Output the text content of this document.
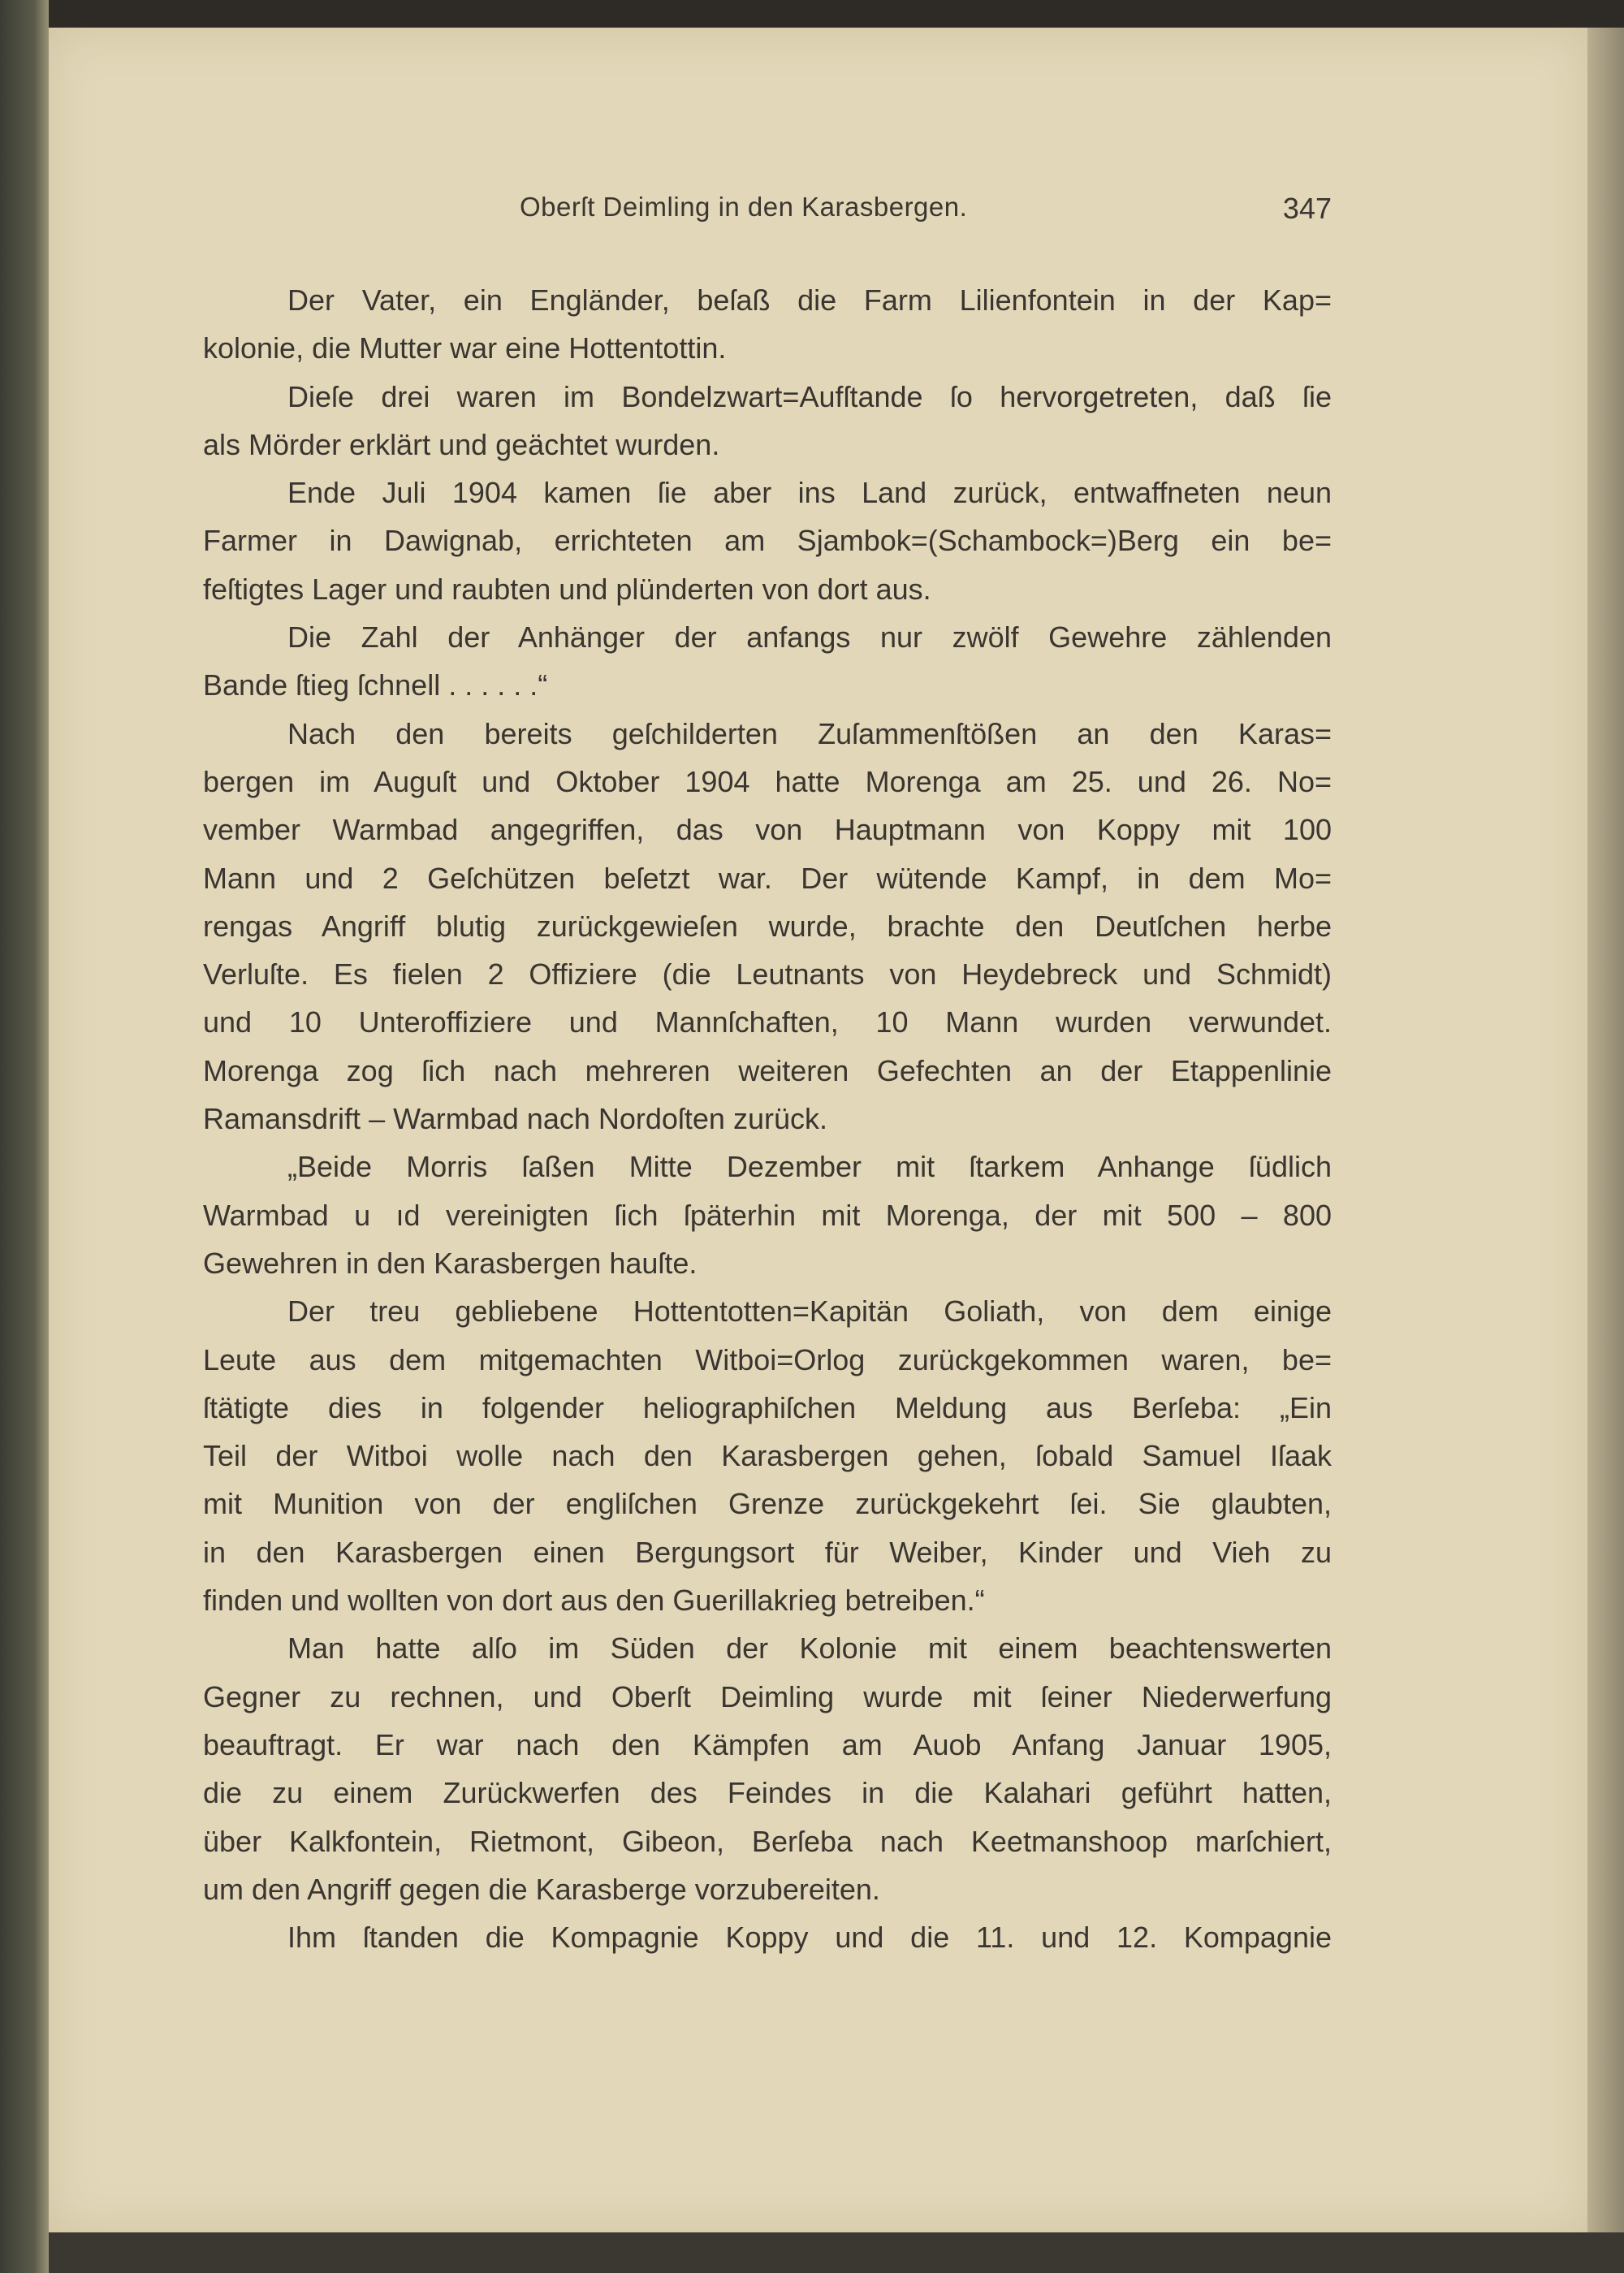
Oberſt Deimling in den Karasbergen.	347
Der Vater, ein Engländer, beſaß die Farm Lilienfontein in der Kap=
kolonie, die Mutter war eine Hottentottin.
Dieſe drei waren im Bondelzwart=Aufſtande ſo hervorgetreten, daß ſie
als Mörder erklärt und geächtet wurden.
Ende Juli 1904 kamen ſie aber ins Land zurück, entwaffneten neun
Farmer in Dawignab, errichteten am Sjambok=(Schambock=)Berg ein be=
feſtigtes Lager und raubten und plünderten von dort aus.
Die Zahl der Anhänger der anfangs nur zwölf Gewehre zählenden
Bande ſtieg ſchnell . . . . . .“
Nach den bereits geſchilderten Zuſammenſtößen an den Karas=
bergen im Auguſt und Oktober 1904 hatte Morenga am 25. und 26. No=
vember Warmbad angegriffen, das von Hauptmann von Koppy mit 100
Mann und 2 Geſchützen beſetzt war. Der wütende Kampf, in dem Mo=
rengas Angriff blutig zurückgewieſen wurde, brachte den Deutſchen herbe
Verluſte. Es fielen 2 Offiziere (die Leutnants von Heydebreck und Schmidt)
und 10 Unteroffiziere und Mannſchaften, 10 Mann wurden verwundet.
Morenga zog ſich nach mehreren weiteren Gefechten an der Etappenlinie
Ramansdrift – Warmbad nach Nordoſten zurück.
„Beide Morris ſaßen Mitte Dezember mit ſtarkem Anhange ſüdlich
Warmbad u ıd vereinigten ſich ſpäterhin mit Morenga, der mit 500 – 800
Gewehren in den Karasbergen hauſte.
Der treu gebliebene Hottentotten=Kapitän Goliath, von dem einige
Leute aus dem mitgemachten Witboi=Orlog zurückgekommen waren, be=
ſtätigte dies in folgender heliographiſchen Meldung aus Berſeba: „Ein
Teil der Witboi wolle nach den Karasbergen gehen, ſobald Samuel Iſaak
mit Munition von der engliſchen Grenze zurückgekehrt ſei. Sie glaubten,
in den Karasbergen einen Bergungsort für Weiber, Kinder und Vieh zu
finden und wollten von dort aus den Guerillakrieg betreiben.“
Man hatte alſo im Süden der Kolonie mit einem beachtenswerten
Gegner zu rechnen, und Oberſt Deimling wurde mit ſeiner Niederwerfung
beauftragt. Er war nach den Kämpfen am Auob Anfang Januar 1905,
die zu einem Zurückwerfen des Feindes in die Kalahari geführt hatten,
über Kalkfontein, Rietmont, Gibeon, Berſeba nach Keetmanshoop marſchiert,
um den Angriff gegen die Karasberge vorzubereiten.
Ihm ſtanden die Kompagnie Koppy und die 11. und 12. Kompagnie
